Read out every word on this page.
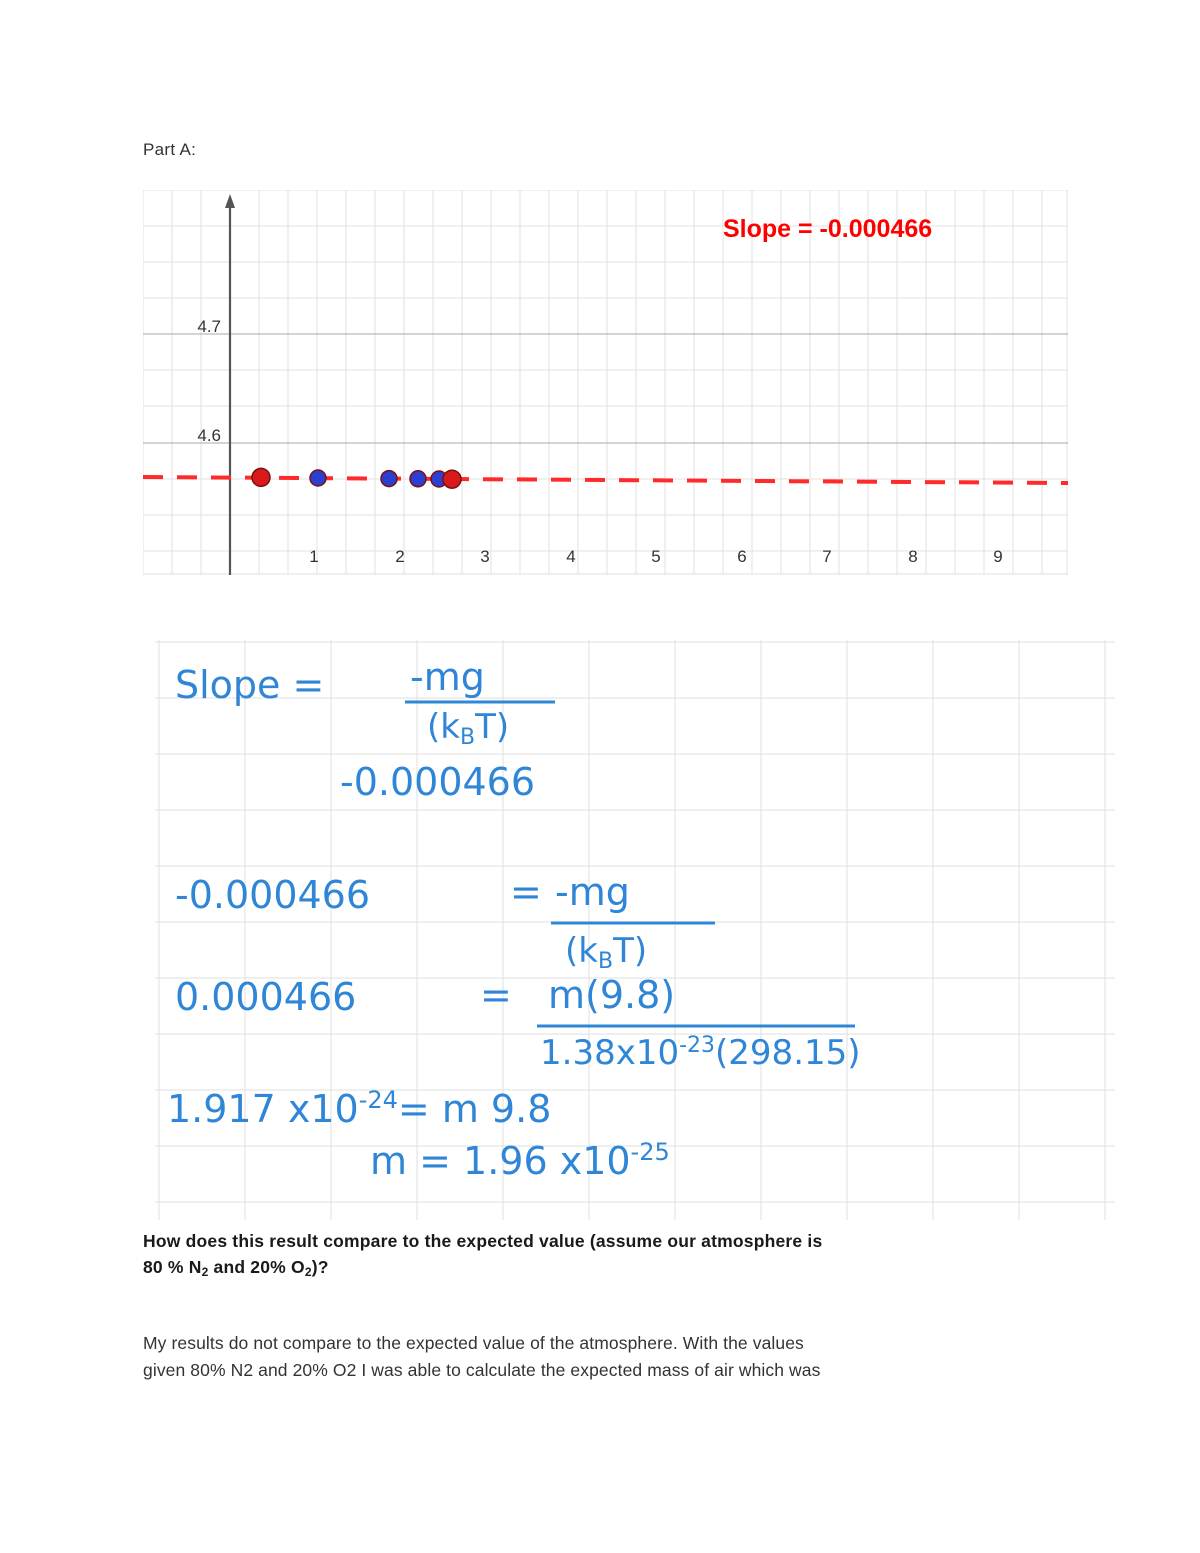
Part A:
4.7
4.6
1	2	3	4	5	6	7	8	9
Slope = -0.000466
Slope = -mg
(kBT)
-0.000466
-0.000466	= -mg
(kBT)
0.000466	= m(9.8)
$1.38x10^{-23}(298.15)$
1.917 $x10^{-24}= m$ 9.8
m = 1.96 $x10^{-25}$
How does this result compare to the expected value (assume our atmosphere is
80 % $N_2$ and 20% $O_2$)?
My results do not compare to the expected value of the atmosphere. With the values
given 80% N2 and 20% O2 I was able to calculate the expected mass of air which was
